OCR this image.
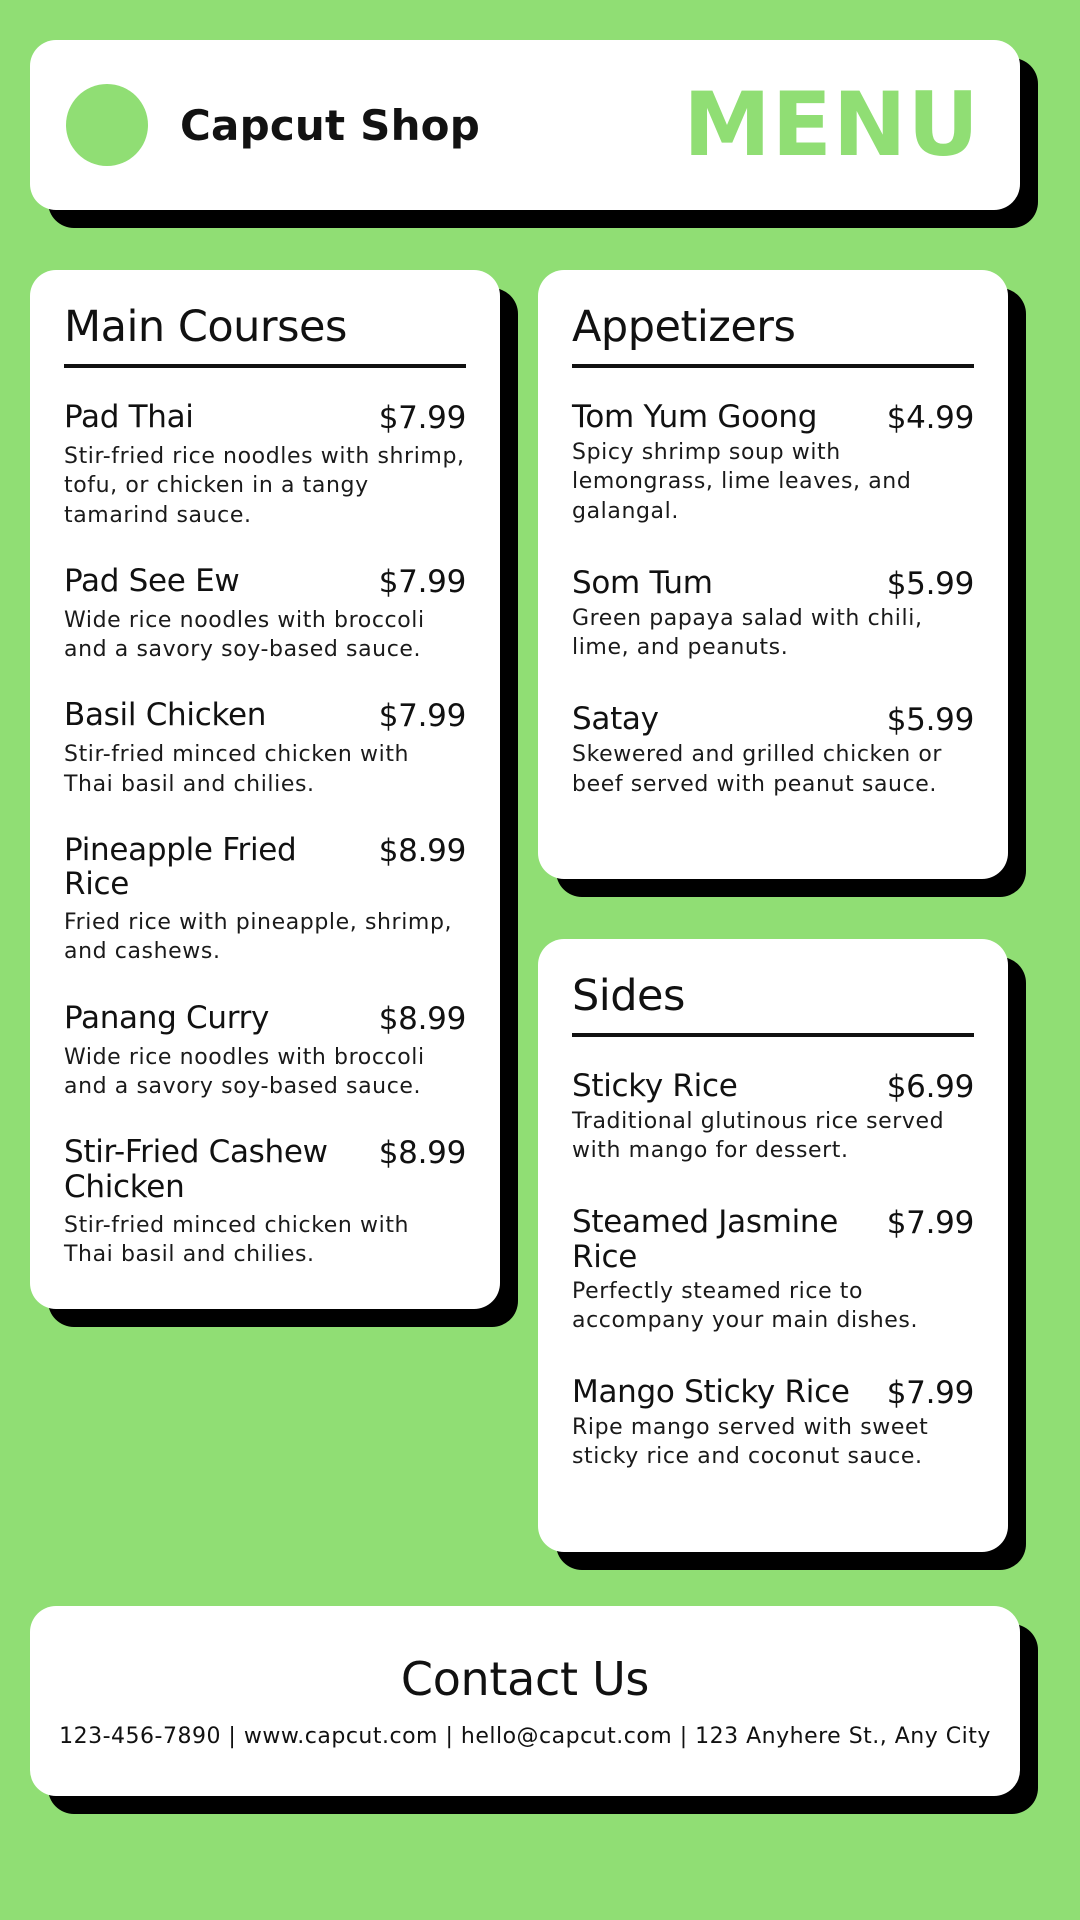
Capcut Shop MENU
Main Courses
Pad Thai	$7.99
Stir-fried rice noodles with shrimp, tofu, or chicken in a tangy tamarind sauce.
Pad See Ew	$7.99
Wide rice noodles with broccoli and a savory soy-based sauce.
Basil Chicken	$7.99
Stir-fried minced chicken with Thai basil and chilies.
Pineapple Fried Rice
$8.99
Fried rice with pineapple, shrimp, and cashews.
Panang Curry	$8.99
Wide rice noodles with broccoli and a savory soy-based sauce.
Stir-Fried Cashew Chicken
$8.99
Stir-fried minced chicken with Thai basil and chilies.
Appetizers
Tom Yum Goong $4.99
Spicy shrimp soup with lemongrass, lime leaves, and galangal.
Som Tum	$5.99
Green papaya salad with chili, lime, and peanuts.
Satay	$5.99
Skewered and grilled chicken or beef served with peanut sauce.
Sides
Sticky Rice	$6.99
Traditional glutinous rice served with mango for dessert.
Steamed Jasmine Rice
$7.99
Perfectly steamed rice to accompany your main dishes.
Mango Sticky Rice $7.99
Ripe mango served with sweet sticky rice and coconut sauce.
Contact Us
123-456-7890 | www.capcut.com | hello@capcut.com | 123 Anyhere St., Any City
